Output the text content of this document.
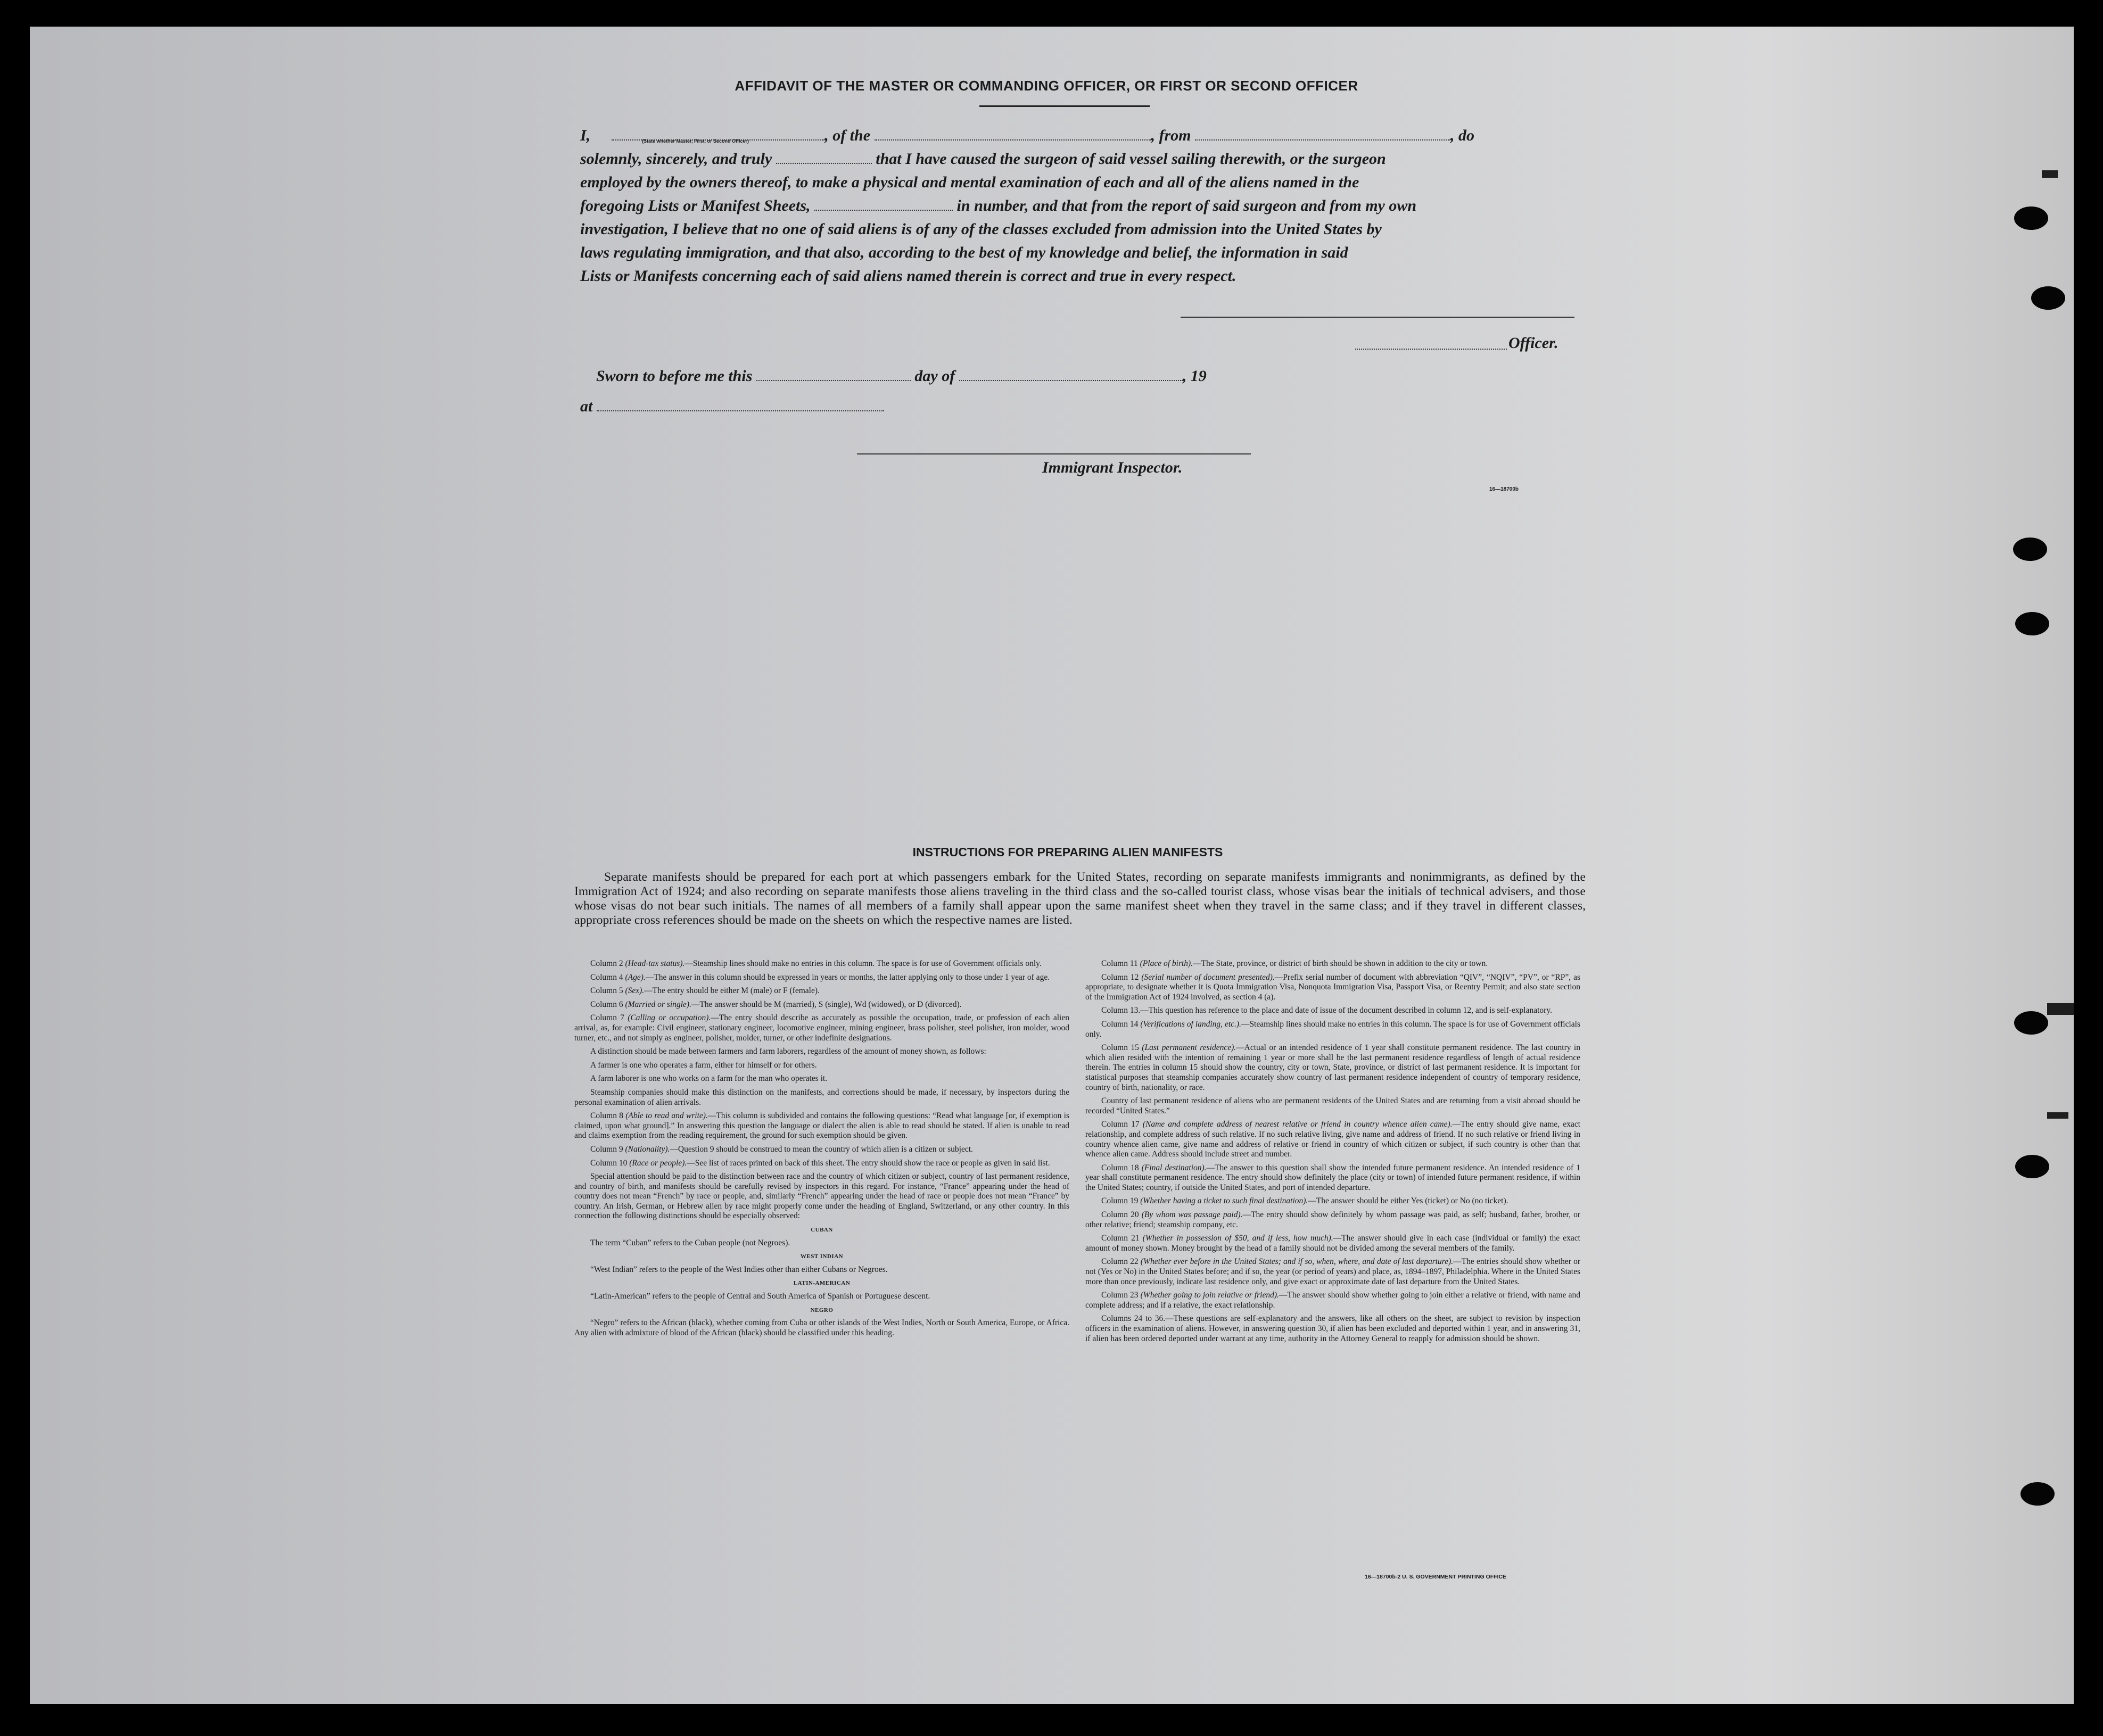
AFFIDAVIT OF THE MASTER OR COMMANDING OFFICER, OR FIRST OR SECOND OFFICER
I,	, of the	, from	, do
(State whether Master, First, or Second Officer)
solemnly, sincerely, and truly	that I have caused the surgeon of said vessel sailing therewith, or the surgeon
employed by the owners thereof, to make a physical and mental examination of each and all of the aliens named in the
foregoing Lists or Manifest Sheets,	in number, and that from the report of said surgeon and from my own
investigation, I believe that no one of said aliens is of any of the classes excluded from admission into the United States by
laws regulating immigration, and that also, according to the best of my knowledge and belief, the information in said
Lists or Manifests concerning each of said aliens named therein is correct and true in every respect.
Officer.
Sworn to before me this	day of	, 19
at
Immigrant Inspector.
16—18700b
INSTRUCTIONS FOR PREPARING ALIEN MANIFESTS
Separate manifests should be prepared for each port at which passengers embark for the United States, recording on separate manifests immigrants and nonimmigrants, as defined by the Immigration Act of 1924; and also recording on separate manifests those aliens traveling in the third class and the so-called tourist class, whose visas bear the initials of technical advisers, and those whose visas do not bear such initials. The names of all members of a family shall appear upon the same manifest sheet when they travel in the same class; and if they travel in different classes, appropriate cross references should be made on the sheets on which the respective names are listed.

Column 2 (Head-tax status).—Steamship lines should make no entries in this column. The space is for use of Government officials only.

Column 4 (Age).—The answer in this column should be expressed in years or months, the latter applying only to those under 1 year of age.

Column 5 (Sex).—The entry should be either M (male) or F (female).

Column 6 (Married or single).—The answer should be M (married), S (single), Wd (widowed), or D (divorced).

Column 7 (Calling or occupation).—The entry should describe as accurately as possible the occupation, trade, or profession of each alien arrival, as, for example: Civil engineer, stationary engineer, locomotive engineer, mining engineer, brass polisher, steel polisher, iron molder, wood turner, etc., and not simply as engineer, polisher, molder, turner, or other indefinite designations.

A distinction should be made between farmers and farm laborers, regardless of the amount of money shown, as follows:

A farmer is one who operates a farm, either for himself or for others.

A farm laborer is one who works on a farm for the man who operates it.

Steamship companies should make this distinction on the manifests, and corrections should be made, if necessary, by inspectors during the personal examination of alien arrivals.

Column 8 (Able to read and write).—This column is subdivided and contains the following questions: “Read what language [or, if exemption is claimed, upon what ground].” In answering this question the language or dialect the alien is able to read should be stated. If alien is unable to read and claims exemption from the reading requirement, the ground for such exemption should be given.

Column 9 (Nationality).—Question 9 should be construed to mean the country of which alien is a citizen or subject.

Column 10 (Race or people).—See list of races printed on back of this sheet. The entry should show the race or people as given in said list.

Special attention should be paid to the distinction between race and the country of which citizen or subject, country of last permanent residence, and country of birth, and manifests should be carefully revised by inspectors in this regard. For instance, “France” appearing under the head of country does not mean “French” by race or people, and, similarly “French” appearing under the head of race or people does not mean “France” by country. An Irish, German, or Hebrew alien by race might properly come under the heading of England, Switzerland, or any other country. In this connection the following distinctions should be especially observed:

CUBAN

The term “Cuban” refers to the Cuban people (not Negroes).

WEST INDIAN

“West Indian” refers to the people of the West Indies other than either Cubans or Negroes.

LATIN-AMERICAN

“Latin-American” refers to the people of Central and South America of Spanish or Portuguese descent.

NEGRO

“Negro” refers to the African (black), whether coming from Cuba or other islands of the West Indies, North or South America, Europe, or Africa. Any alien with admixture of blood of the African (black) should be classified under this heading.

Column 11 (Place of birth).—The State, province, or district of birth should be shown in addition to the city or town.

Column 12 (Serial number of document presented).—Prefix serial number of document with abbreviation “QIV”, “NQIV”, “PV”, or “RP”, as appropriate, to designate whether it is Quota Immigration Visa, Nonquota Immigration Visa, Passport Visa, or Reentry Permit; and also state section of the Immigration Act of 1924 involved, as section 4 (a).

Column 13.—This question has reference to the place and date of issue of the document described in column 12, and is self-explanatory.

Column 14 (Verifications of landing, etc.).—Steamship lines should make no entries in this column. The space is for use of Government officials only.

Column 15 (Last permanent residence).—Actual or an intended residence of 1 year shall constitute permanent residence. The last country in which alien resided with the intention of remaining 1 year or more shall be the last permanent residence regardless of length of actual residence therein. The entries in column 15 should show the country, city or town, State, province, or district of last permanent residence. It is important for statistical purposes that steamship companies accurately show country of last permanent residence independent of country of temporary residence, country of birth, nationality, or race.

Country of last permanent residence of aliens who are permanent residents of the United States and are returning from a visit abroad should be recorded “United States.”

Column 17 (Name and complete address of nearest relative or friend in country whence alien came).—The entry should give name, exact relationship, and complete address of such relative. If no such relative living, give name and address of friend. If no such relative or friend living in country whence alien came, give name and address of relative or friend in country of which citizen or subject, if such country is other than that whence alien came. Address should include street and number.

Column 18 (Final destination).—The answer to this question shall show the intended future permanent residence. An intended residence of 1 year shall constitute permanent residence. The entry should show definitely the place (city or town) of intended future permanent residence, if within the United States; country, if outside the United States, and port of intended departure.

Column 19 (Whether having a ticket to such final destination).—The answer should be either Yes (ticket) or No (no ticket).

Column 20 (By whom was passage paid).—The entry should show definitely by whom passage was paid, as self; husband, father, brother, or other relative; friend; steamship company, etc.

Column 21 (Whether in possession of $50, and if less, how much).—The answer should give in each case (individual or family) the exact amount of money shown. Money brought by the head of a family should not be divided among the several members of the family.

Column 22 (Whether ever before in the United States; and if so, when, where, and date of last departure).—The entries should show whether or not (Yes or No) in the United States before; and if so, the year (or period of years) and place, as, 1894–1897, Philadelphia. Where in the United States more than once previously, indicate last residence only, and give exact or approximate date of last departure from the United States.

Column 23 (Whether going to join relative or friend).—The answer should show whether going to join either a relative or friend, with name and complete address; and if a relative, the exact relationship.

Columns 24 to 36.—These questions are self-explanatory and the answers, like all others on the sheet, are subject to revision by inspection officers in the examination of aliens. However, in answering question 30, if alien has been excluded and deported within 1 year, and in answering 31, if alien has been ordered deported under warrant at any time, authority in the Attorney General to reapply for admission should be shown.

16—18700b-2 U. S. GOVERNMENT PRINTING OFFICE
